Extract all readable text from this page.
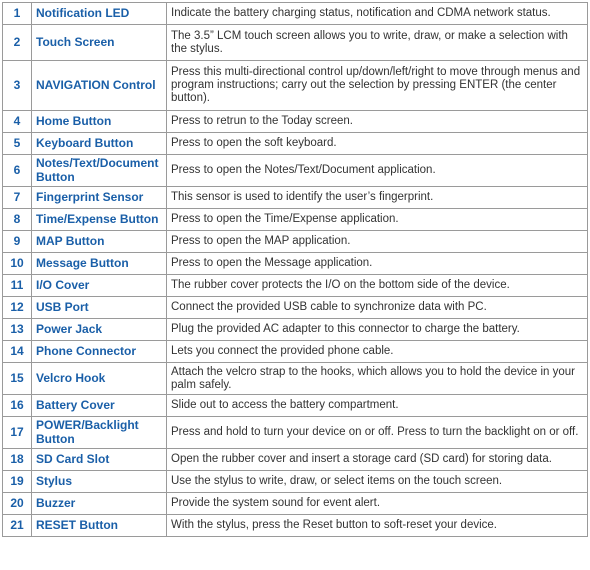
1	Notification LED	Indicate the battery charging status, notification and CDMA network status.
2	Touch Screen	The 3.5” LCM touch screen allows you to write, draw, or make a selection with the stylus.
3	NAVIGATION Control	Press this multi-directional control up/down/left/right to move through menus and program instructions; carry out the selection by pressing ENTER (the center button).
4	Home Button	Press to retrun to the Today screen.
5	Keyboard Button	Press to open the soft keyboard.
6	Notes/Text/Document Button	Press to open the Notes/Text/Document application.
7	Fingerprint Sensor	This sensor is used to identify the user’s fingerprint.
8	Time/Expense Button	Press to open the Time/Expense application.
9	MAP Button	Press to open the MAP application.
10	Message Button	Press to open the Message application.
11	I/O Cover	The rubber cover protects the I/O on the bottom side of the device.
12	USB Port	Connect the provided USB cable to synchronize data with PC.
13	Power Jack	Plug the provided AC adapter to this connector to charge the battery.
14	Phone Connector	Lets you connect the provided phone cable.
15	Velcro Hook	Attach the velcro strap to the hooks, which allows you to hold the device in your palm safely.
16	Battery Cover	Slide out to access the battery compartment.
17	POWER/Backlight Button	Press and hold to turn your device on or off. Press to turn the backlight on or off.
18	SD Card Slot	Open the rubber cover and insert a storage card (SD card) for storing data.
19	Stylus	Use the stylus to write, draw, or select items on the touch screen.
20	Buzzer	Provide the system sound for event alert.
21	RESET Button	With the stylus, press the Reset button to soft-reset your device.
